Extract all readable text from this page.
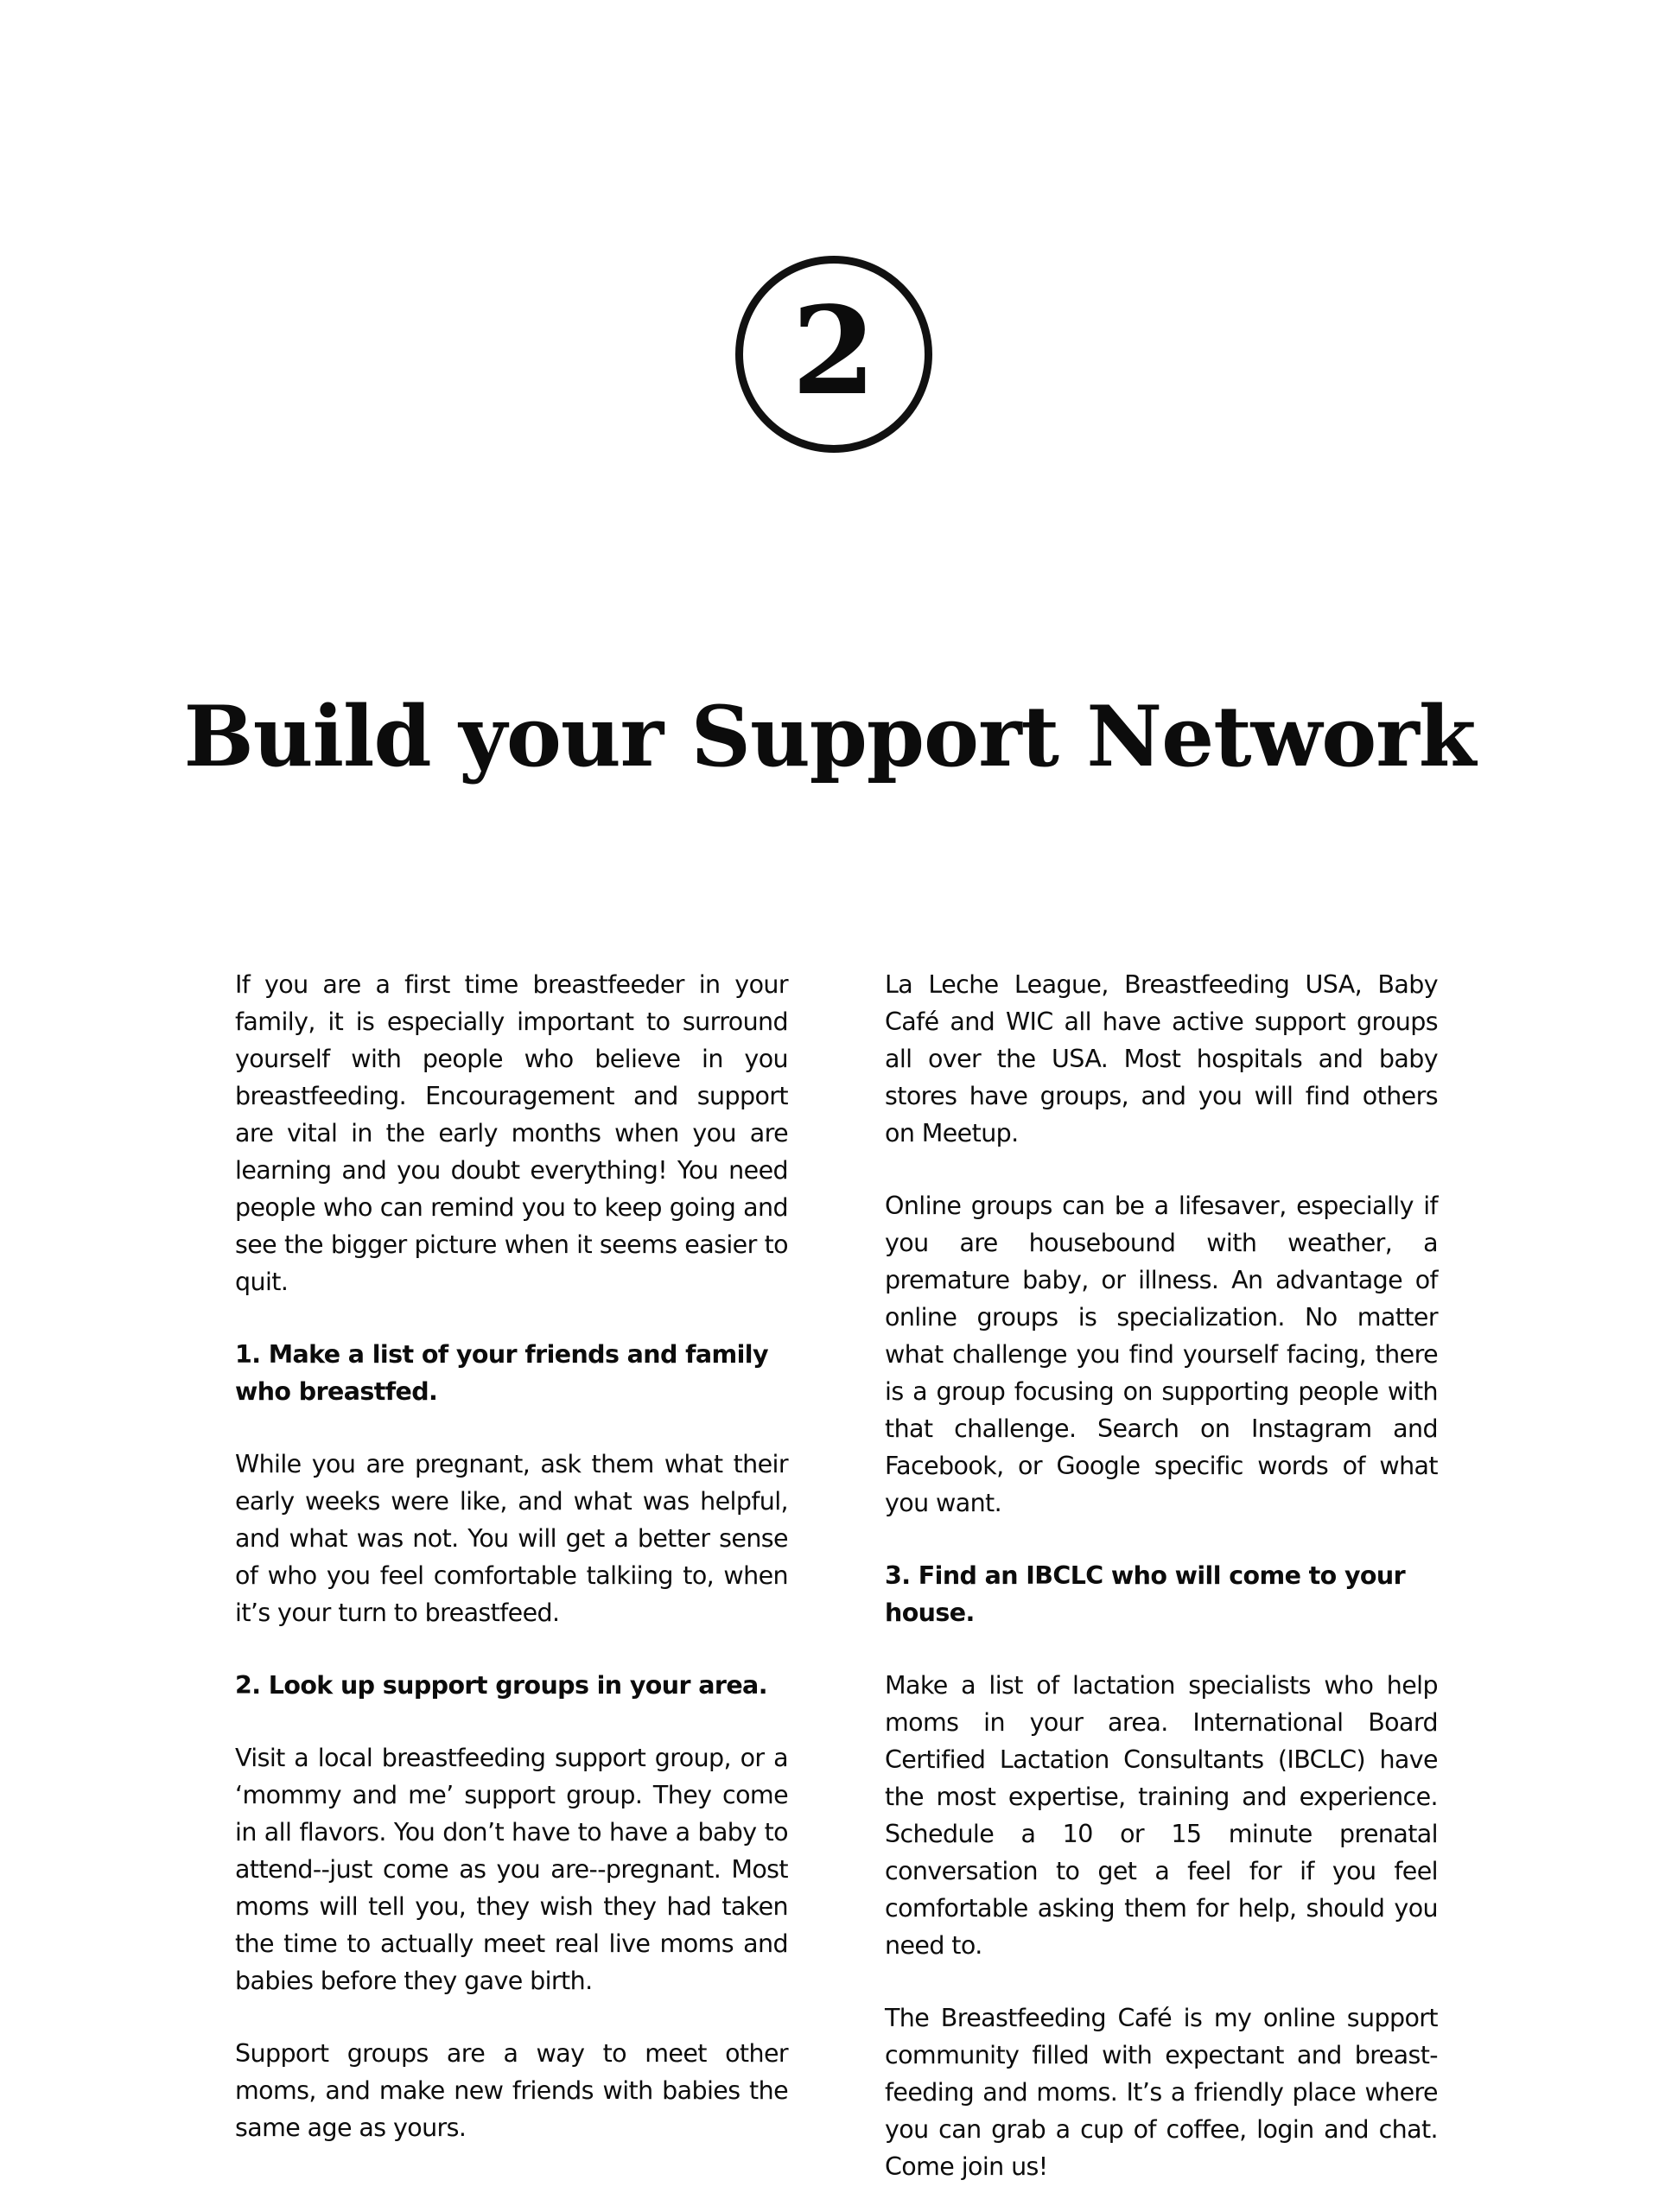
2
Build your Support Network

If you are a first time breastfeeder in your family, it is especially important to surround yourself with people who believe in you breastfeeding. Encouragement and support are vital in the early months when you are learning and you doubt everything! You need people who can remind you to keep going and see the bigger picture when it seems easier to quit.

1. Make a list of your friends and family who breastfed.

While you are pregnant, ask them what their early weeks were like, and what was helpful, and what was not. You will get a better sense of who you feel comfortable talkiing to, when it’s your turn to breastfeed.

2. Look up support groups in your area.

Visit a local breastfeeding support group, or a ‘mommy and me’ support group. They come in all flavors. You don’t have to have a baby to attend--just come as you are--pregnant. Most moms will tell you, they wish they had taken the time to actually meet real live moms and babies before they gave birth.

Support groups are a way to meet other moms, and make new friends with babies the same age as yours.

La Leche League, Breastfeeding USA, Baby Café and WIC all have active support groups all over the USA. Most hospitals and baby stores have groups, and you will find others on Meetup.

Online groups can be a lifesaver, especially if you are housebound with weather, a premature baby, or illness. An advantage of online groups is specialization. No matter what challenge you find yourself facing, there is a group focusing on supporting people with that challenge. Search on Instagram and Facebook, or Google specific words of what you want.

3. Find an IBCLC who will come to your house.

Make a list of lactation specialists who help moms in your area. International Board Certified Lactation Consultants (IBCLC) have the most expertise, training and experience. Schedule a 10 or 15 minute prenatal conversation to get a feel for if you feel comfortable asking them for help, should you need to.

The Breastfeeding Café is my online support community filled with expectant and breast-feeding and moms. It’s a friendly place where you can grab a cup of coffee, login and chat. Come join us!
